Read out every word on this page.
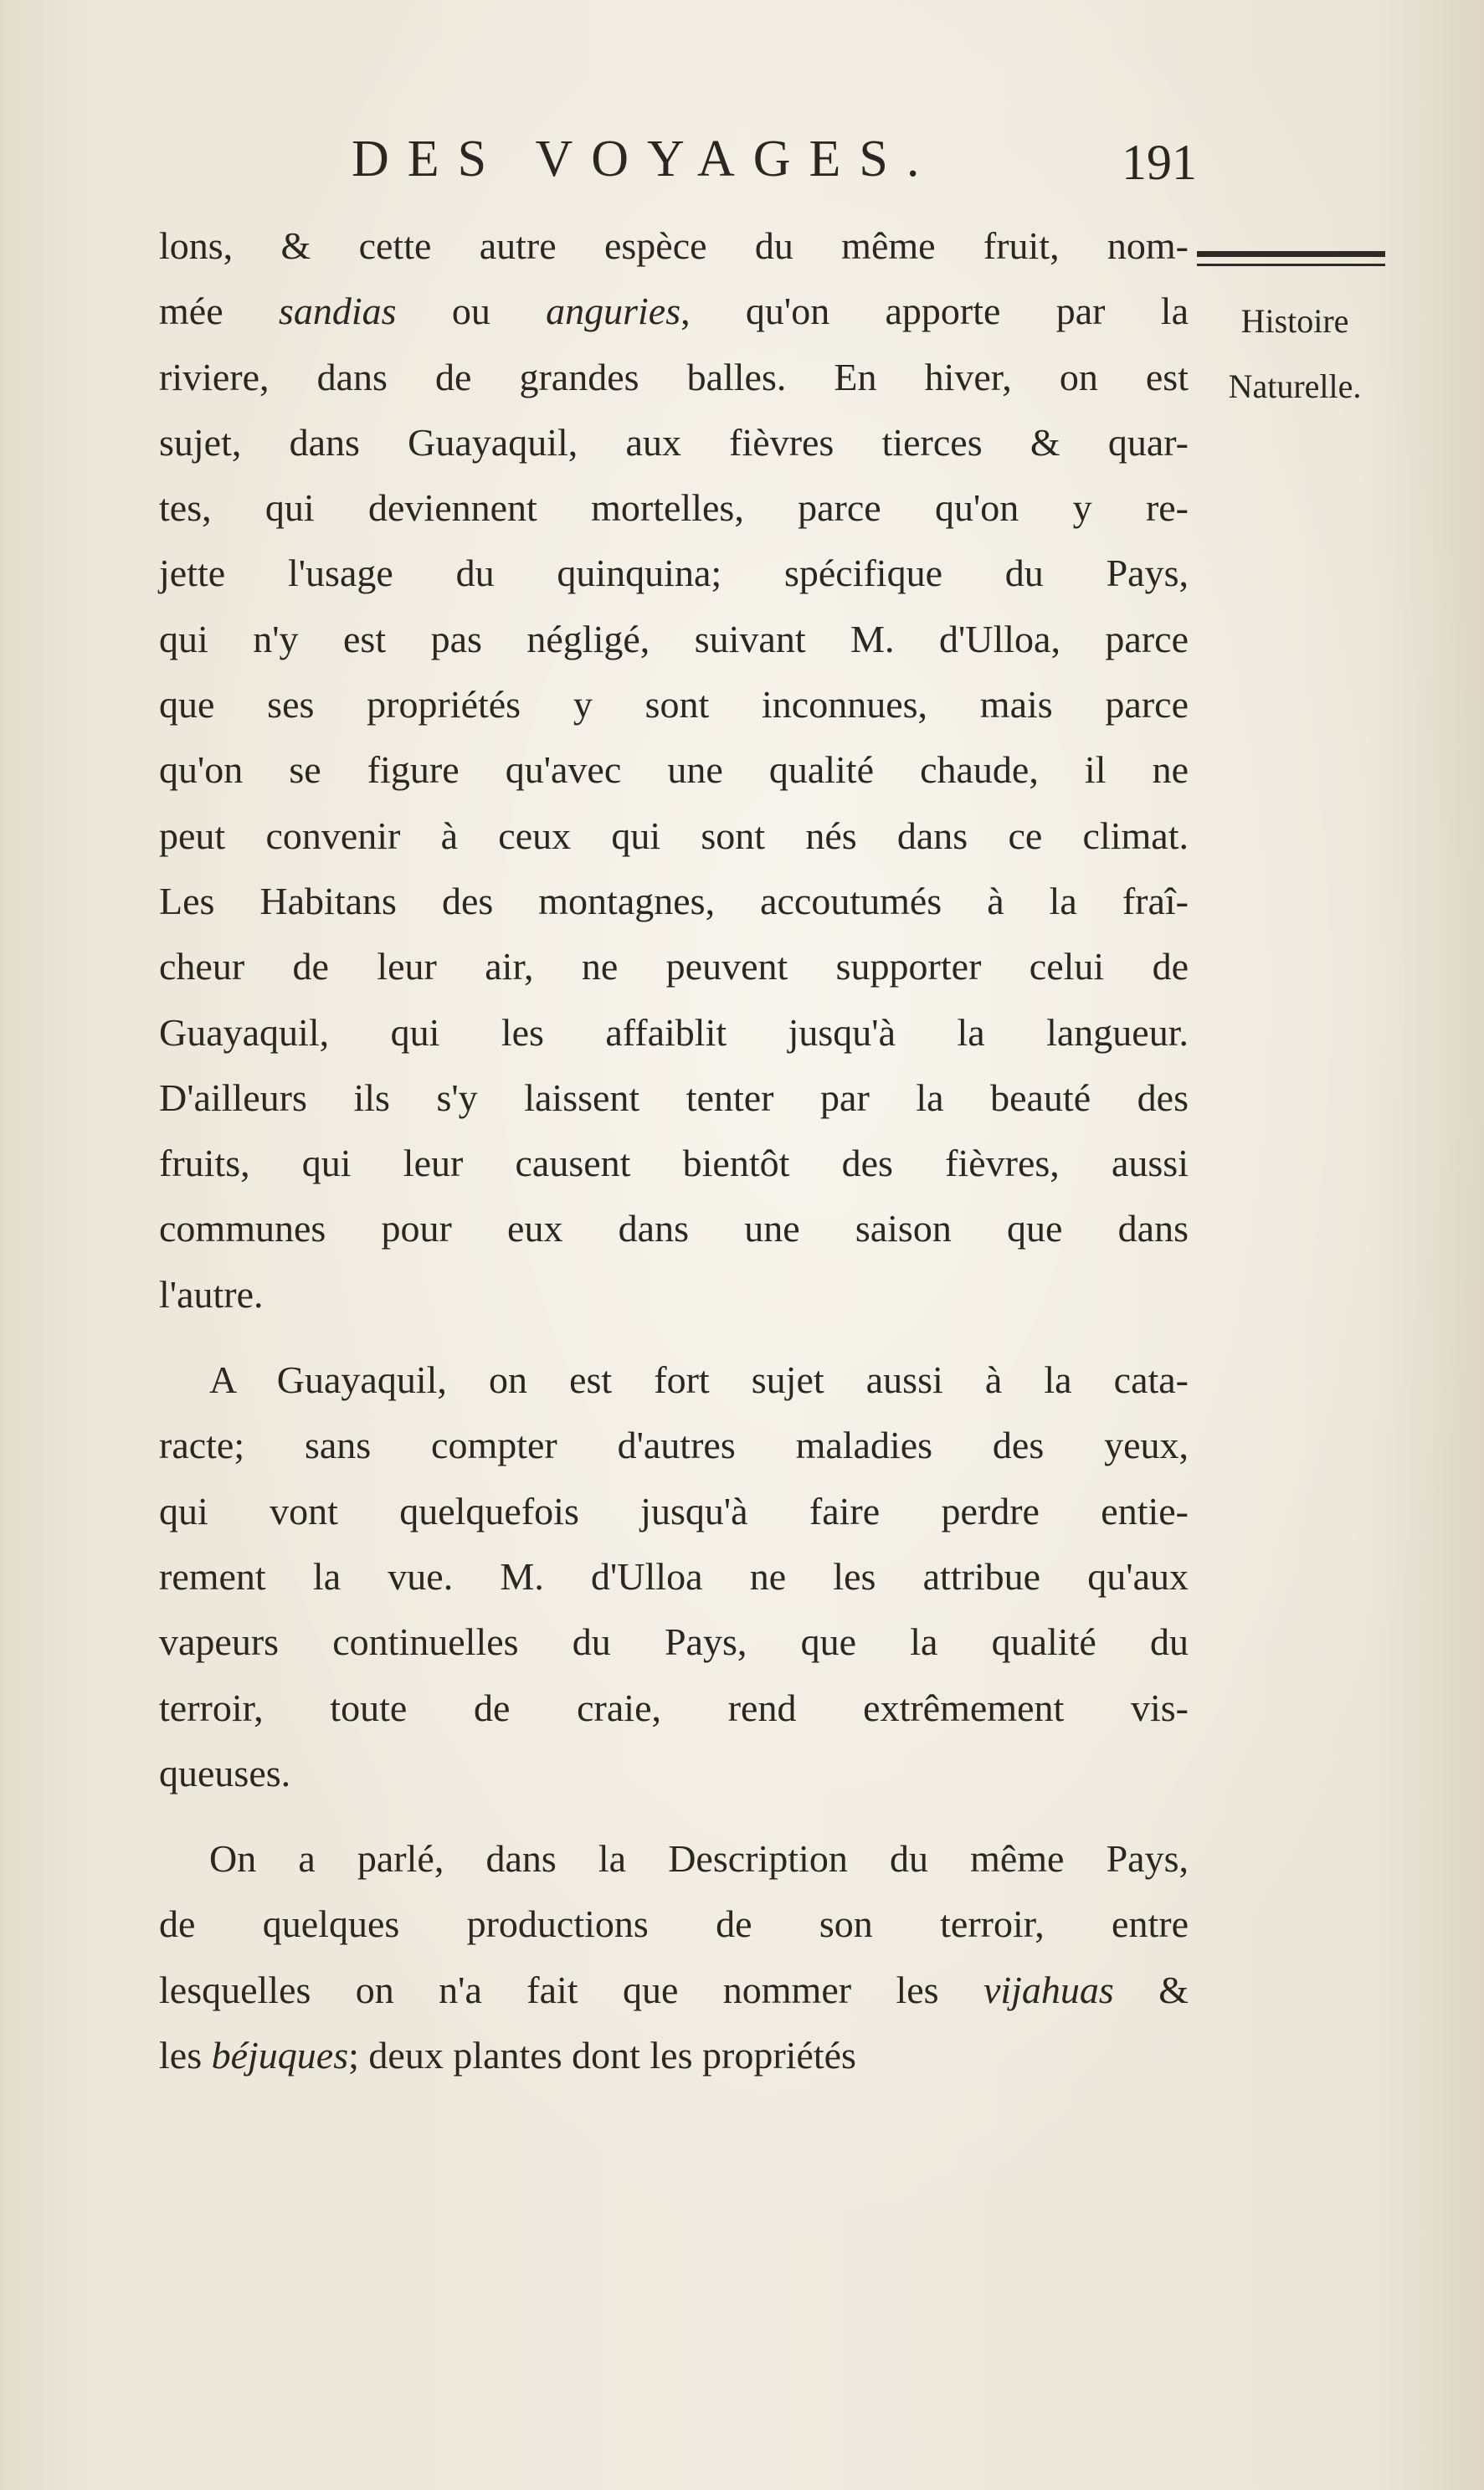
DES VOYAGES.	191
Histoire
Naturelle.
lons, & cette autre espèce du même fruit, nom-
mée sandias ou anguries, qu'on apporte par la
riviere, dans de grandes balles. En hiver, on est
sujet, dans Guayaquil, aux fièvres tierces & quar-
tes, qui deviennent mortelles, parce qu'on y re-
jette l'usage du quinquina; spécifique du Pays,
qui n'y est pas négligé, suivant M. d'Ulloa, parce
que ses propriétés y sont inconnues, mais parce
qu'on se figure qu'avec une qualité chaude, il ne
peut convenir à ceux qui sont nés dans ce climat.
Les Habitans des montagnes, accoutumés à la fraî-
cheur de leur air, ne peuvent supporter celui de
Guayaquil, qui les affaiblit jusqu'à la langueur.
D'ailleurs ils s'y laissent tenter par la beauté des
fruits, qui leur causent bientôt des fièvres, aussi
communes pour eux dans une saison que dans
l'autre.
A Guayaquil, on est fort sujet aussi à la cata-
racte; sans compter d'autres maladies des yeux,
qui vont quelquefois jusqu'à faire perdre entie-
rement la vue. M. d'Ulloa ne les attribue qu'aux
vapeurs continuelles du Pays, que la qualité du
terroir, toute de craie, rend extrêmement vis-
queuses.
On a parlé, dans la Description du même Pays,
de quelques productions de son terroir, entre
lesquelles on n'a fait que nommer les vijahuas &
les béjuques; deux plantes dont les propriétés
